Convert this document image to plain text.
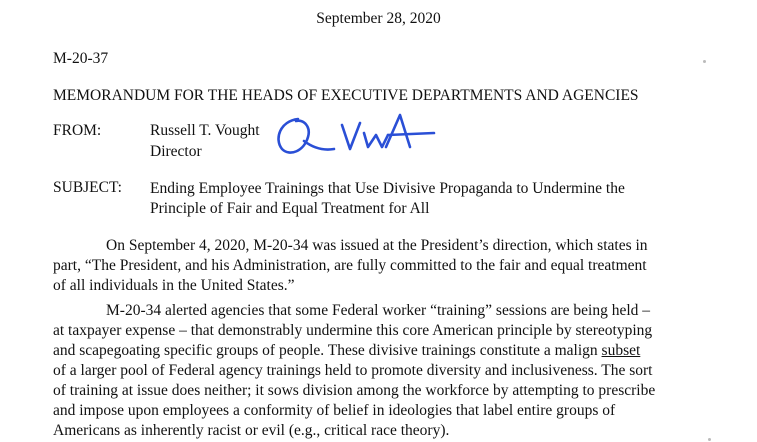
September 28, 2020
M-20-37
MEMORANDUM FOR THE HEADS OF EXECUTIVE DEPARTMENTS AND AGENCIES
FROM:	Russell T. Vought
Director
SUBJECT: Ending Employee Trainings that Use Divisive Propaganda to Undermine the
Principle of Fair and Equal Treatment for All
On September 4, 2020, M-20-34 was issued at the President’s direction, which states in
part, “The President, and his Administration, are fully committed to the fair and equal treatment
of all individuals in the United States.”
M-20-34 alerted agencies that some Federal worker “training” sessions are being held –
at taxpayer expense – that demonstrably undermine this core American principle by stereotyping
and scapegoating specific groups of people. These divisive trainings constitute a malign subset
of a larger pool of Federal agency trainings held to promote diversity and inclusiveness. The sort
of training at issue does neither; it sows division among the workforce by attempting to prescribe
and impose upon employees a conformity of belief in ideologies that label entire groups of
Americans as inherently racist or evil (e.g., critical race theory).
